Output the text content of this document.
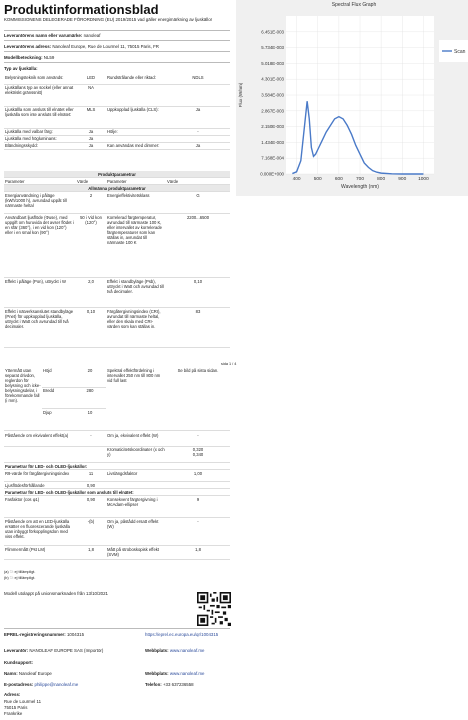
Produktinformationsblad
KOMMISSIONENS DELEGERADE FÖRORDNING (EU) 2019/2015 vad gäller energimärkning av ljuskällor
Leverantörens namn eller varumärke: nanoleaf
Leverantörens adress: Nanoleaf Europe, Rue de Lourmel 11, 75015 Paris, FR
Modellbeteckning: NL59
Typ av ljuskälla:
Belysningsteknik som används:	LED	Rundstrålande eller riktad:	NDLS
Ljuskällans typ av sockel (eller annat elektriskt gränssnitt)	NA		
Ljuskällla som ansluts till elnätet eller ljuskälla som inte ansluts till elnätet:	MLS	Uppkopplad ljuskälla (CLS):	Ja
Ljuskälla med valbar färg:	Ja	Hölje:	-
Ljuskälla med högluminans:	Ja		
Bländningsskydd:	Ja	Kan användas med dimmer:	Ja
Produktparametrar			
Parameter	Värde	Parameter	Värde
Allmänna produktparametrar			
Energianvändning i påläge (kWh/1000 h), avrundad uppåt till närmaste heltal	2	Energieffektivitetsklass	G
Användbart ljusflöde (Φuse), med uppgift om huruvida det avser flödet i en sfär (360°), i en vid kon (120°) eller i en smal kon (90°)	50 i Vid kon (120°)	Korrelerad färgtemperatur, avrundad till närmaste 100 K, eller intervallet av korrelerade färgtemperaturer som kan ställas in, avrundat till närmaste 100 K	2200...6500
Effekt i påläge (Pon), uttryckt i W	2,0	Effekt i standbyläge (Psb), uttryckt i Watt och avrundad till två decimaler.	0,10
Effekt i nätverksanslutet standbyläge (Pnet) för uppkopplad ljuskälla, uttryckt i Watt och avrundad till två decimaler.	0,10	Färgåtergivningsindex (CRI), avrundat till närmaste heltal, eller den skala med CRI-värden som kan ställas in.	83
sida 1 / 4
Yttermått utan separat drivdon, reglerdon för belysning och icke-belysningsdelar, i förekommande fall (i mm).	Höjd	20	Spektral effektfördelning i intervallet 250 nm till 800 nm vid full last	Se bild på sista sidan.
	Bredd	280		
	Djup	10		
Påstående om ekvivalent effekt(a)	-	Om ja, ekvivalent effekt (W)	-
		Kromaticitetskoordinater (x och y)	0,320
0,340
Parametrar för LED- och OLED-ljuskällor:			
R9-värde för färgåtergivningsindex	11	Livslängdsfaktor	1,00
Ljusflödesförhållande	0,90		
Parametrar för LED- och OLED-ljuskällor som ansluts till elnätet:			
Fasfaktor (cos φ1)	0,90	Konsekvent färgtergivning i McAdam-ellipser	9
Påstående om att en LED-ljuskälla ersätter en fluorescerande ljuskälla utan inbyggt förkopplingsdon med viss effekt.	-(b)	Om ja, påstådd ersatt effekt (W)	-
Flimmermått (Pst LM)	1,8	Mått på stroboskopisk effekt (SVM)	1,8
(a) '-': ej tillämpligt.
(b) '-': ej tillämpligt.
Modell utolappt på unionsmarknaden från 13/10/2021
EPREL-registreringsnummer: 1004315	https://eprel.ec.europa.eu/qr/1004315
Leverantör: NANOLEAF EUROPE SAS (Importör)	Webbplats: www.nanoleaf.me
Kundsupport:
Namn: Nanoleaf Europe	Webbplats: www.nanoleaf.me
E-postadress: philippe@nanoleaf.me	Telefon: +33 637236558
Adress:
Rue de Lourmel 11
75015 Paris
Frankrike
Spectral Flux Graph
0.000E+000
7.168E-004
1.434E-003
2.150E-003
2.867E-003
3.584E-003
4.301E-003
5.018E-003
5.734E-003
6.451E-003
400	500	600	700	800	900 1000
Flux (W/nm)
Wavelength (nm)
Scan
